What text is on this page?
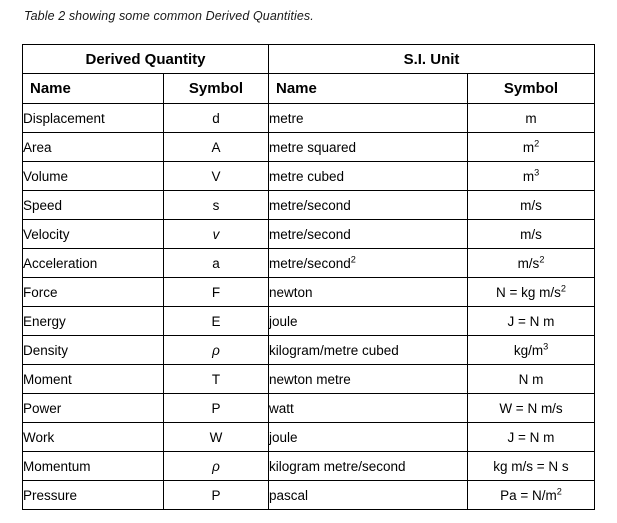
Table 2 showing some common Derived Quantities.
Derived Quantity		S.I. Unit	
Name	Symbol	Name	Symbol
Displacement	d	metre	m
Area	A	metre squared	$m^2$
Volume	V	metre cubed	$m^3$
Speed	s	metre/second	m/s
Velocity	v	metre/second	m/s
Acceleration	a	metre/second$^2$	$m/s^2$
Force	F	newton	N = kg $m/s^2$
Energy	E	joule	J = N m
Density	ρ	kilogram/metre cubed	$kg/m^3$
Moment	T	newton metre	N m
Power	P	watt	W = N m/s
Work	W	joule	J = N m
Momentum	ρ	kilogram metre/second	kg m/s = N s
Pressure	P	pascal	$Pa = N/m^2$
